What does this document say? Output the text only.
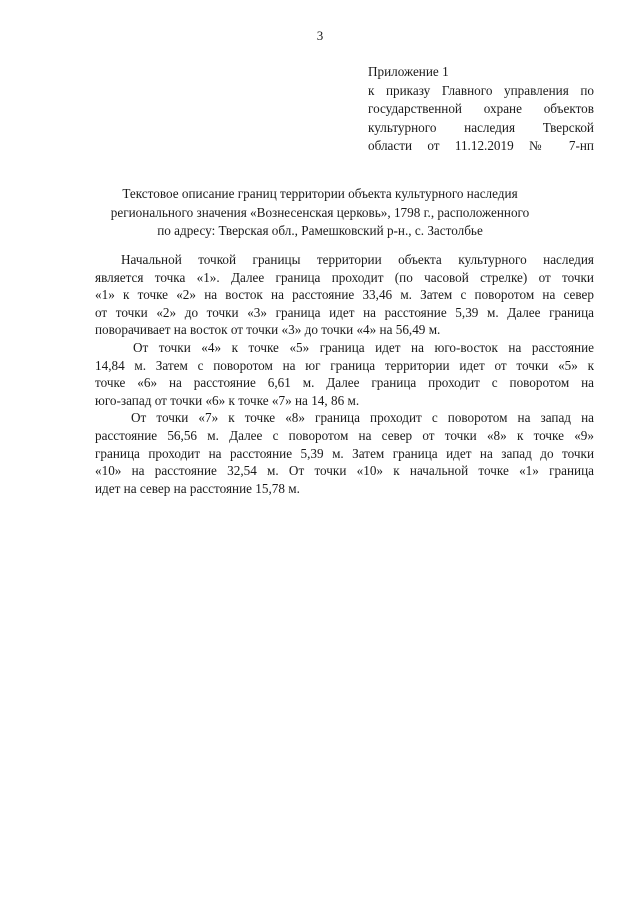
3
Приложение 1
к приказу Главного управления по
государственной охране объектов
культурного наследия Тверской
области от 11.12.2019 № 7-нп
Текстовое описание границ территории объекта культурного наследия
регионального значения «Вознесенская церковь», 1798 г., расположенного
по адресу: Тверская обл., Рамешковский р-н., с. Застолбье
Начальной точкой границы территории объекта культурного наследия
является точка «1». Далее граница проходит (по часовой стрелке) от точки
«1» к точке «2» на восток на расстояние 33,46 м. Затем с поворотом на север
от точки «2» до точки «3» граница идет на расстояние 5,39 м. Далее граница
поворачивает на восток от точки «3» до точки «4» на 56,49 м.
От точки «4» к точке «5» граница идет на юго-восток на расстояние
14,84 м. Затем с поворотом на юг граница территории идет от точки «5» к
точке «6» на расстояние 6,61 м. Далее граница проходит с поворотом на
юго-запад от точки «6» к точке «7» на 14, 86 м.
От точки «7» к точке «8» граница проходит с поворотом на запад на
расстояние 56,56 м. Далее с поворотом на север от точки «8» к точке «9»
граница проходит на расстояние 5,39 м. Затем граница идет на запад до точки
«10» на расстояние 32,54 м. От точки «10» к начальной точке «1» граница
идет на север на расстояние 15,78 м.
